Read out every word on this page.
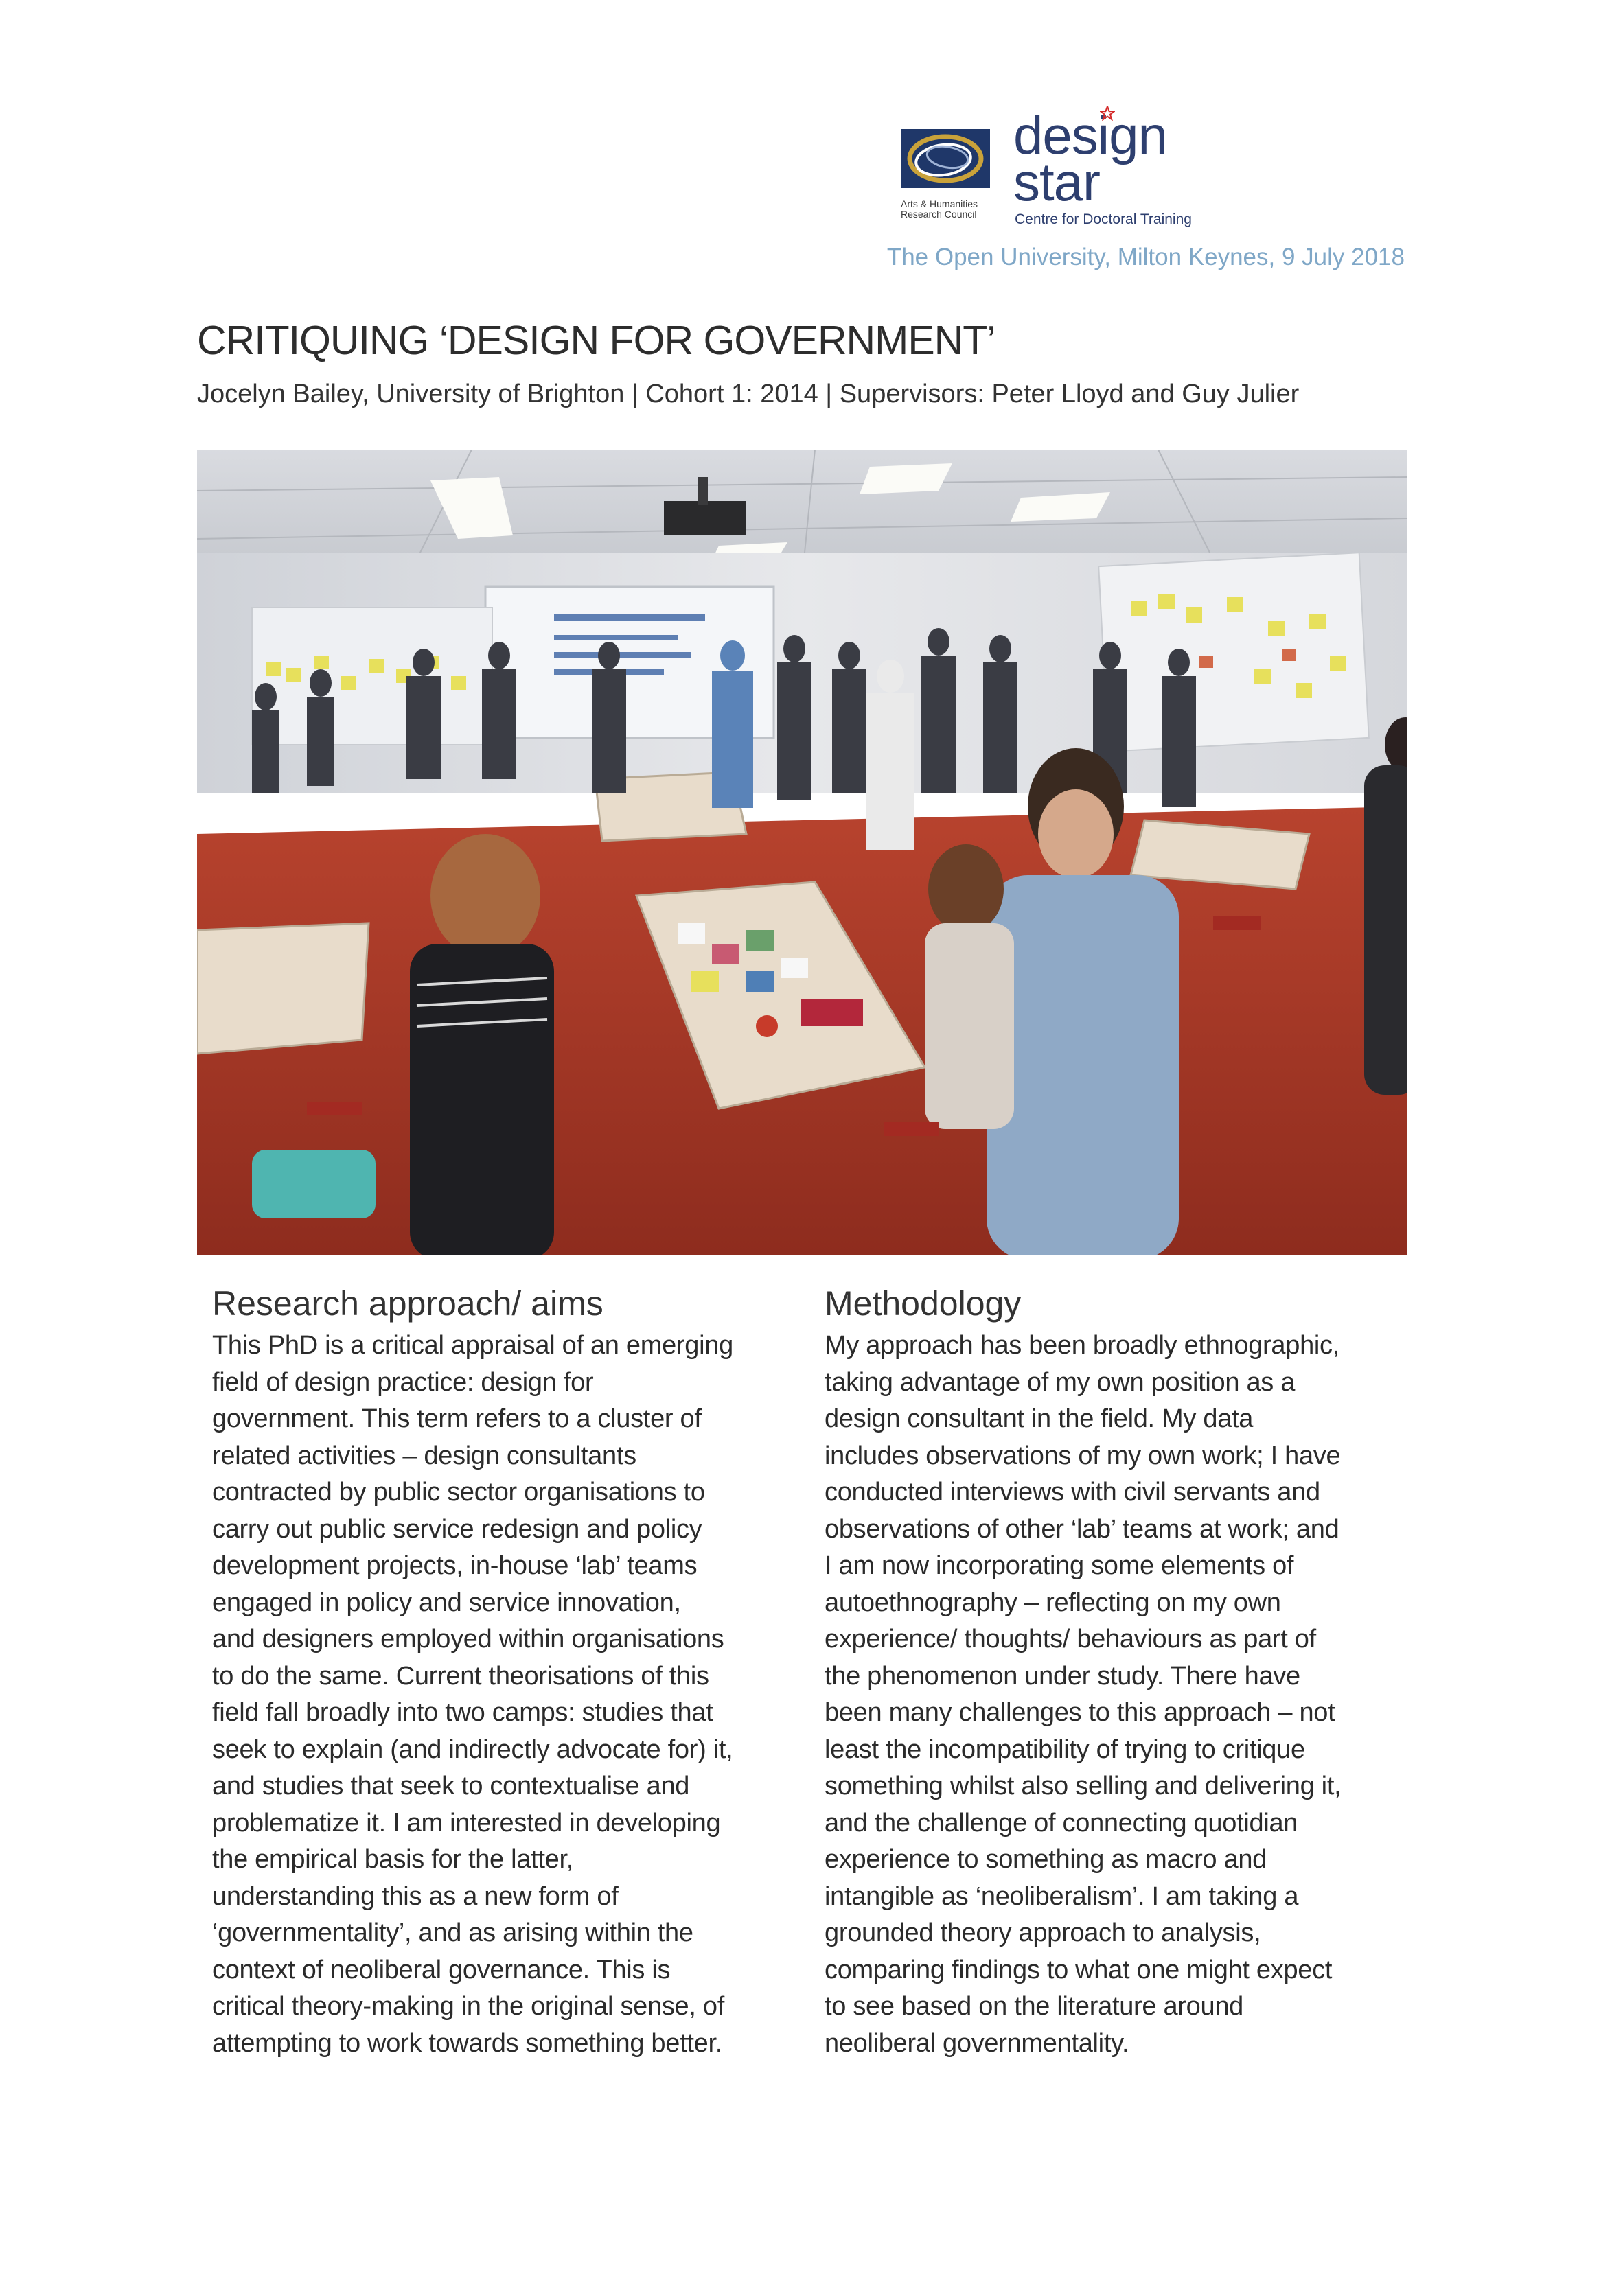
Arts & Humanities
Research Council
design
star
Centre for Doctoral Training
The Open University, Milton Keynes, 9 July 2018
CRITIQUING ‘DESIGN FOR GOVERNMENT’
Jocelyn Bailey, University of Brighton | Cohort 1: 2014 | Supervisors: Peter Lloyd and Guy Julier
Research approach/ aims

This PhD is a critical appraisal of an emerging
field of design practice: design for
government. This term refers to a cluster of
related activities – design consultants
contracted by public sector organisations to
carry out public service redesign and policy
development projects, in-house ‘lab’ teams
engaged in policy and service innovation,
and designers employed within organisations
to do the same. Current theorisations of this
field fall broadly into two camps: studies that
seek to explain (and indirectly advocate for) it,
and studies that seek to contextualise and
problematize it. I am interested in developing
the empirical basis for the latter,
understanding this as a new form of
‘governmentality’, and as arising within the
context of neoliberal governance. This is
critical theory-making in the original sense, of
attempting to work towards something better.

Methodology

My approach has been broadly ethnographic,
taking advantage of my own position as a
design consultant in the field. My data
includes observations of my own work; I have
conducted interviews with civil servants and
observations of other ‘lab’ teams at work; and
I am now incorporating some elements of
autoethnography – reflecting on my own
experience/ thoughts/ behaviours as part of
the phenomenon under study. There have
been many challenges to this approach – not
least the incompatibility of trying to critique
something whilst also selling and delivering it,
and the challenge of connecting quotidian
experience to something as macro and
intangible as ‘neoliberalism’. I am taking a
grounded theory approach to analysis,
comparing findings to what one might expect
to see based on the literature around
neoliberal governmentality.
